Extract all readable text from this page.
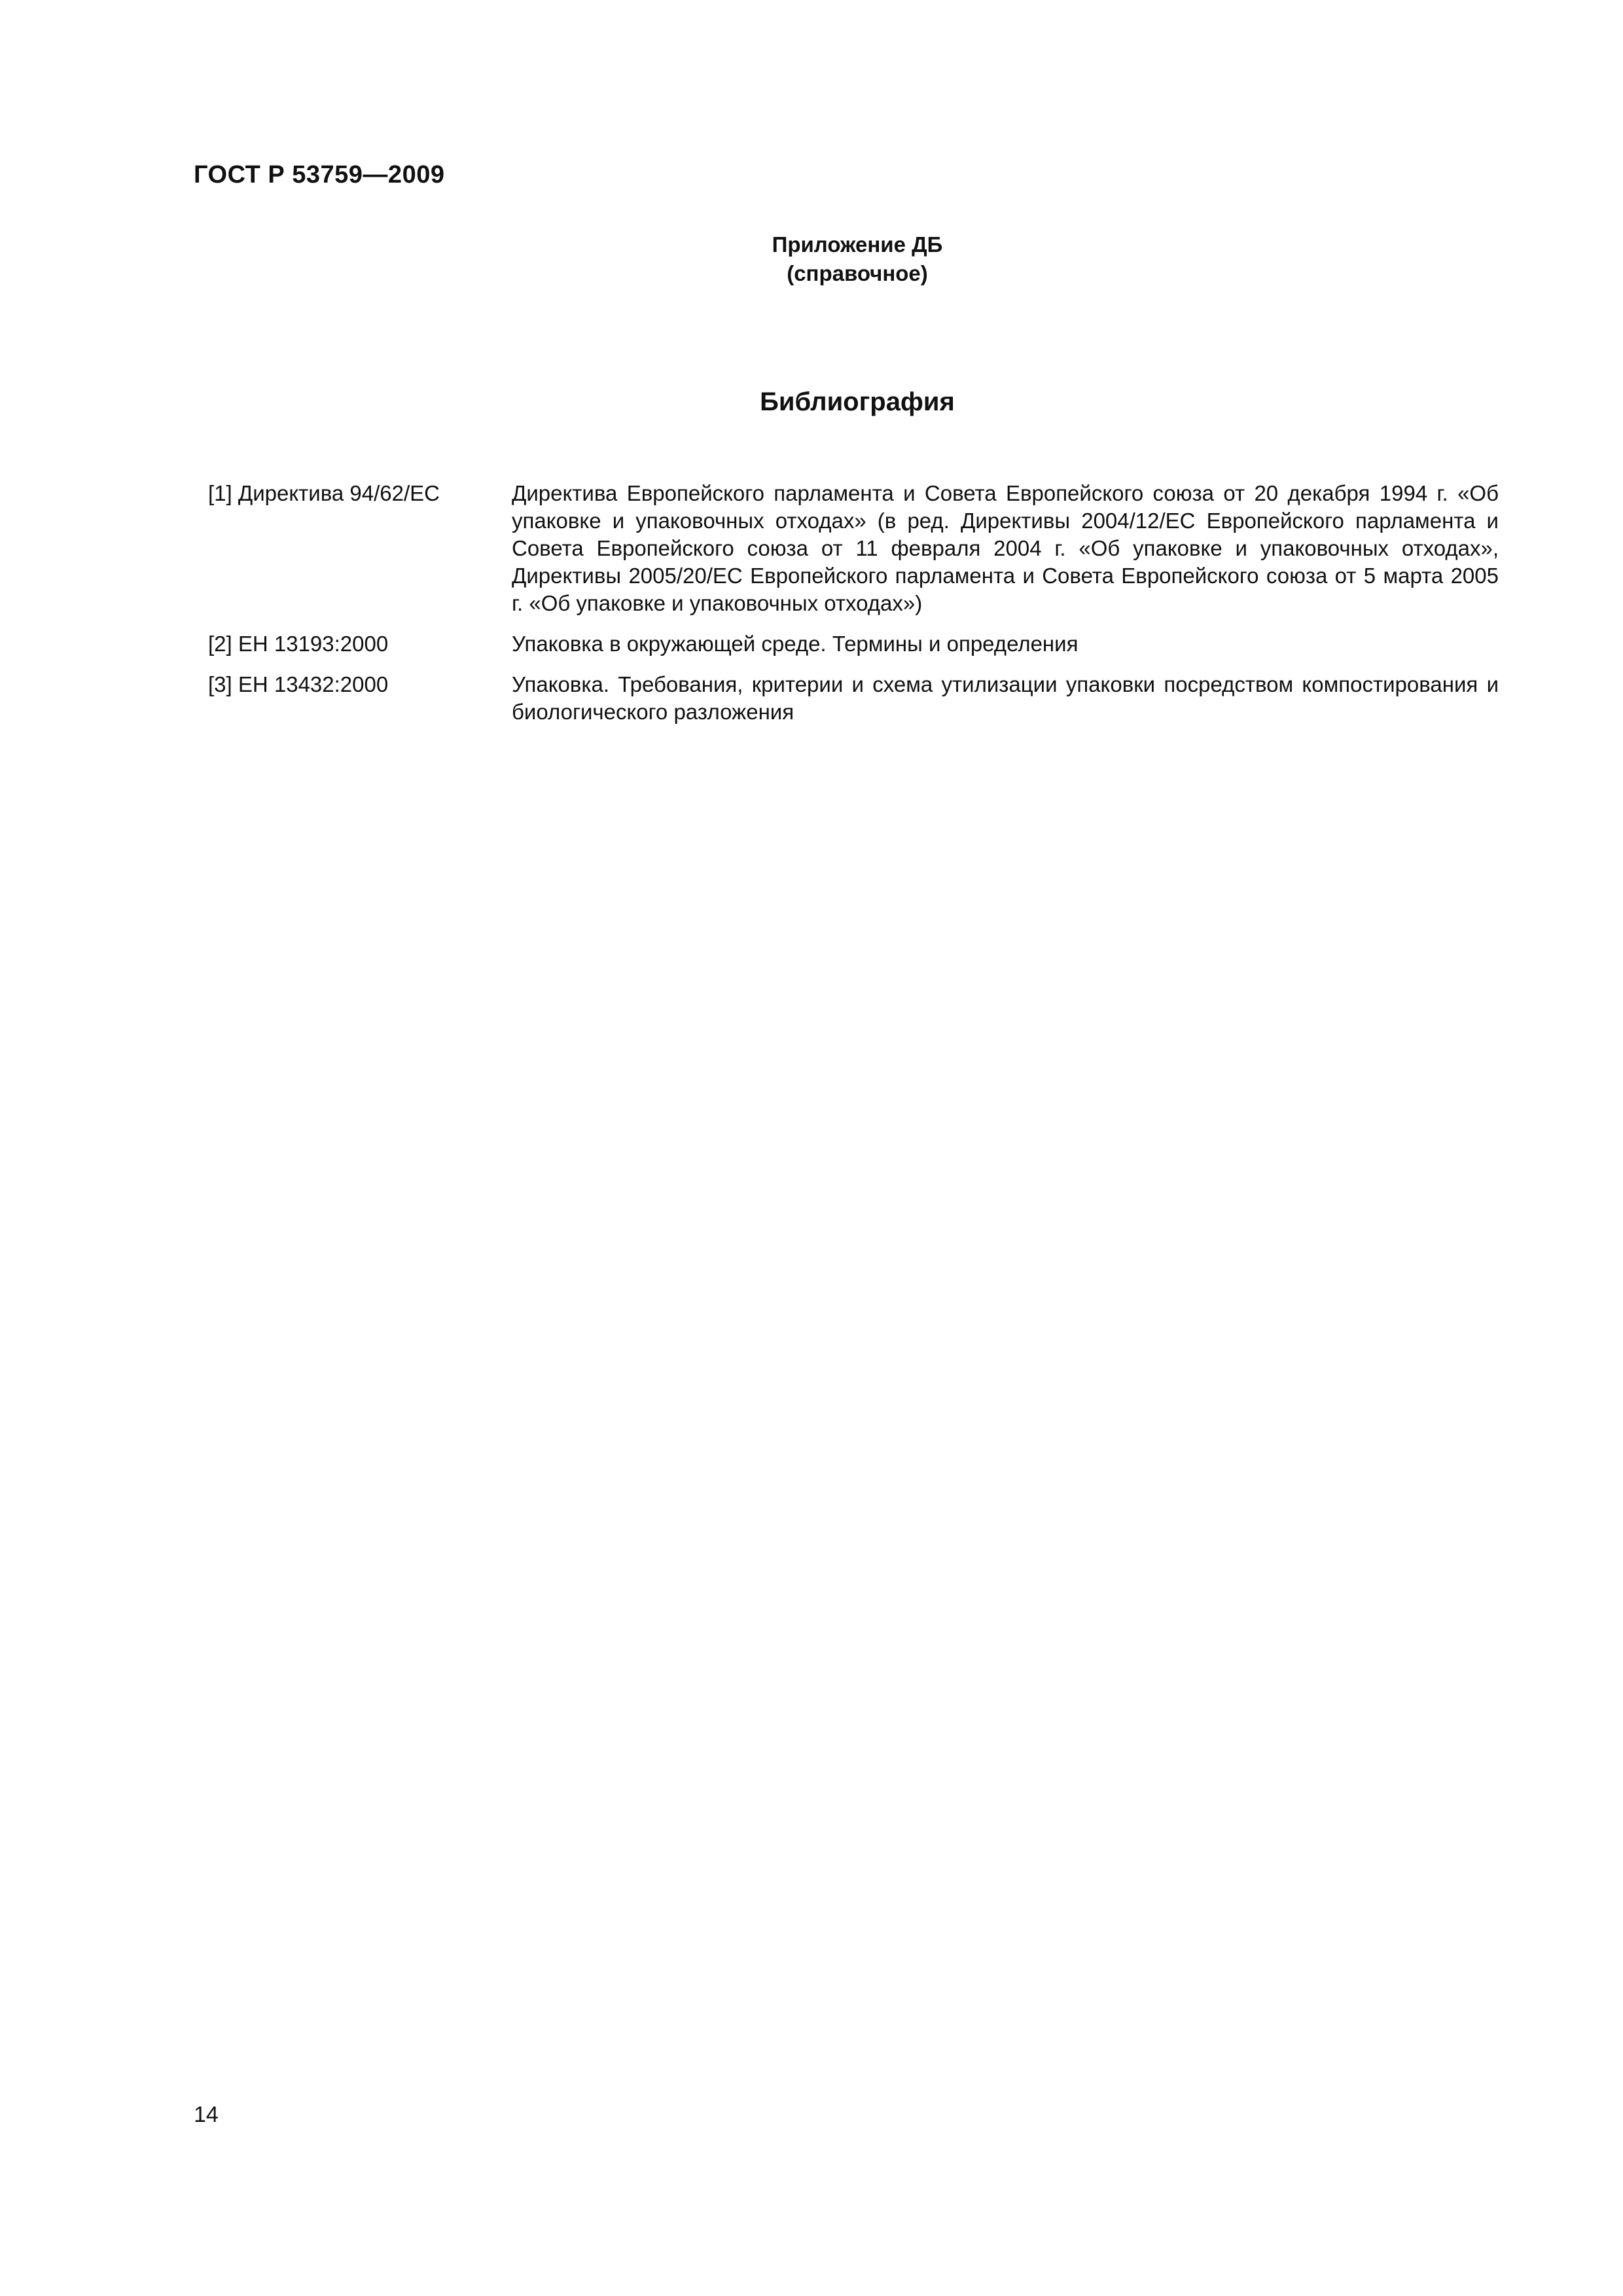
ГОСТ Р 53759—2009
Приложение ДБ
(справочное)
Библиография
[1] Директива 94/62/ЕС	Директива Европейского парламента и Совета Европейского союза от 20 декабря 1994 г. «Об упаковке и упаковочных отходах» (в ред. Директивы 2004/12/ЕС Европейского парламента и Совета Европейского союза от 11 февраля 2004 г. «Об упаковке и упаковочных отходах», Директивы 2005/20/ЕС Европейского парламента и Совета Европейского союза от 5 марта 2005 г. «Об упаковке и упаковочных отходах»)
[2] ЕН 13193:2000	Упаковка в окружающей среде. Термины и определения
[3] ЕН 13432:2000	Упаковка. Требования, критерии и схема утилизации упаковки посредством компостирования и биологического разложения
14
